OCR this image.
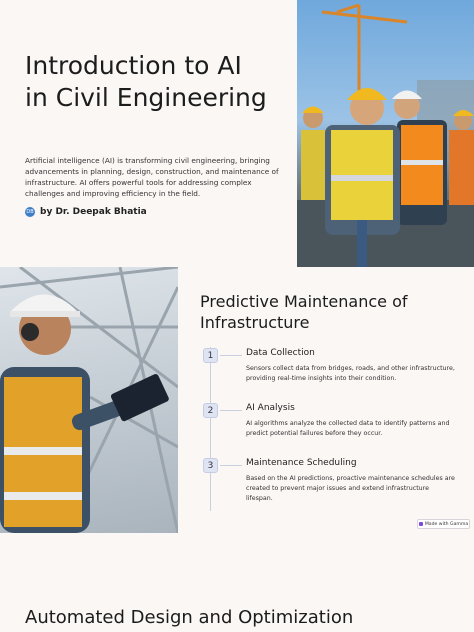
Introduction to AI
in Civil Engineering

Artificial intelligence (AI) is transforming civil engineering, bringing advancements in planning, design, construction, and maintenance of infrastructure. AI offers powerful tools for addressing complex challenges and improving efficiency in the field.

DB by Dr. Deepak Bhatia
Predictive Maintenance of Infrastructure
1	Data Collection
Sensors collect data from bridges, roads, and other infrastructure, providing real-time insights into their condition.
2	AI Analysis
AI algorithms analyze the collected data to identify patterns and predict potential failures before they occur.
3	Maintenance Scheduling
Based on the AI predictions, proactive maintenance schedules are created to prevent major issues and extend infrastructure lifespan.
Made with Gamma
Automated Design and Optimization
